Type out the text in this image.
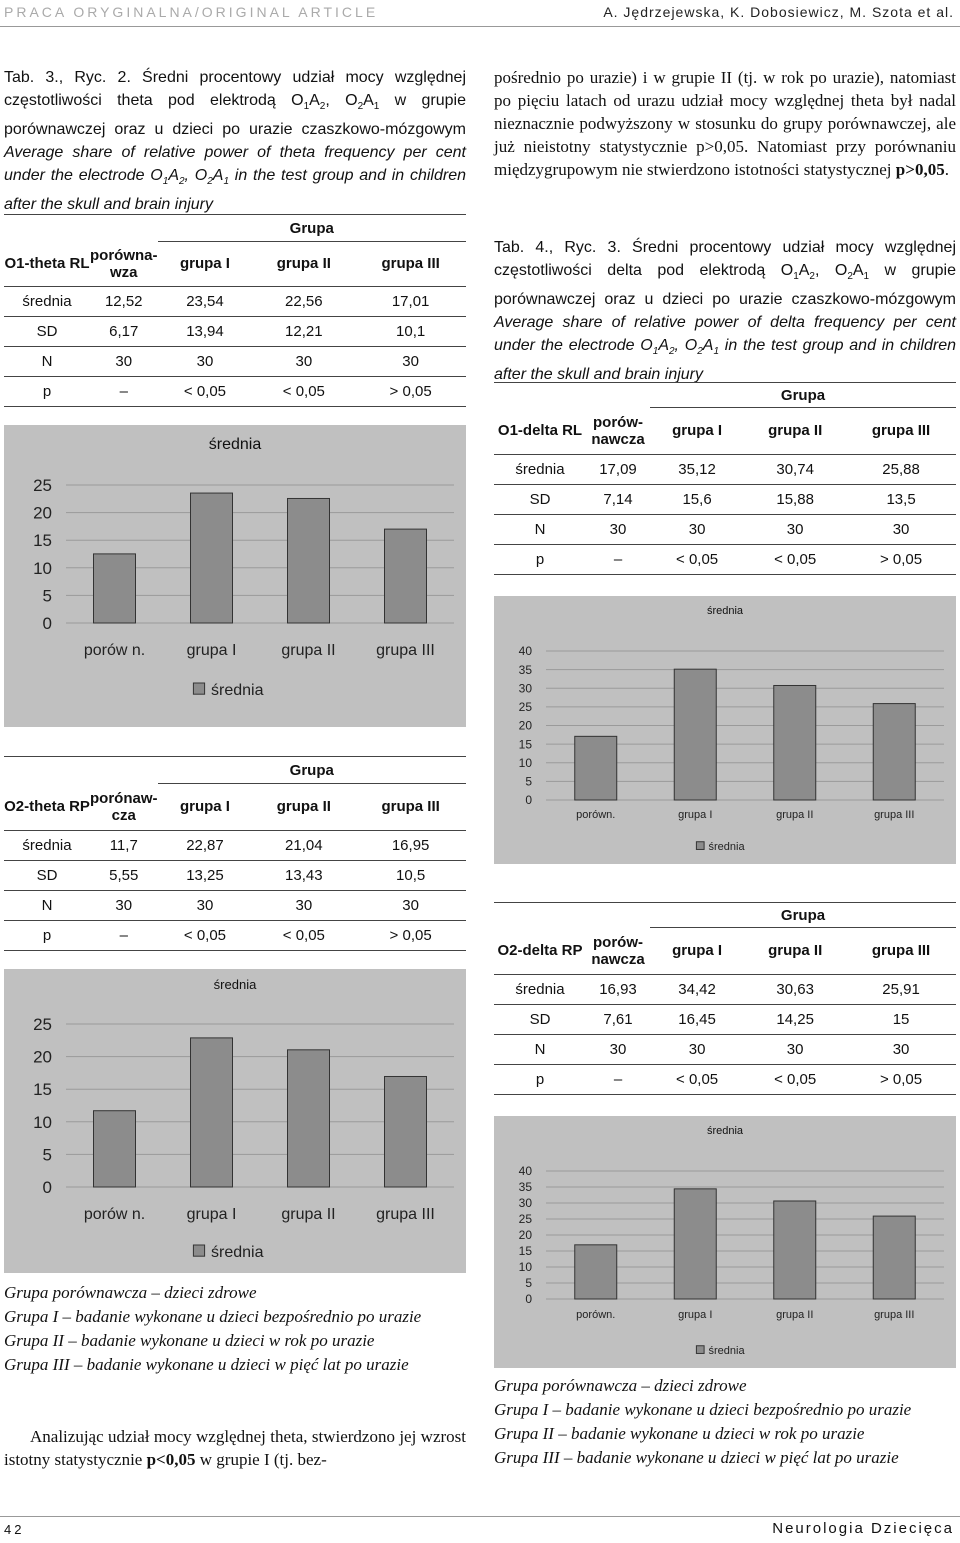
PRACA ORYGINALNA/ORIGINAL ARTICLE	A. Jędrzejewska, K. Dobosiewicz, M. Szota et al.
Tab. 3., Ryc. 2. Średni procentowy udział mocy względnej częstotliwości theta pod elektrodą $O_1A_2$, $O_2A_1$ w grupie porównawczej oraz u dzieci po urazie czaszkowo-mózgowym Average share of relative power of theta frequency per cent under the electrode $O_1A_2$, $O_2A_1$ in the test group and in children after the skull and brain injury
		Grupa		
O1-theta RL	porówna-wza	grupa I	grupa II	grupa III
średnia	12,52	23,54	22,56	17,01
SD	6,17	13,94	12,21	10,1
N	30	30	30	30
p	–	< 0,05	< 0,05	> 0,05
średnia
0
5
10
15
20
25
porów n.	grupa I	grupa II	grupa III
średnia
		Grupa		
O2-theta RP	porónaw-cza	grupa I	grupa II	grupa III
średnia	11,7	22,87	21,04	16,95
SD	5,55	13,25	13,43	10,5
N	30	30	30	30
p	–	< 0,05	< 0,05	> 0,05
średnia
0
5
10
15
20
25
porów n.	grupa I	grupa II	grupa III
średnia
Grupa porównawcza – dzieci zdrowe
Grupa I – badanie wykonane u dzieci bezpośrednio po urazie
Grupa II – badanie wykonane u dzieci w rok po urazie
Grupa III – badanie wykonane u dzieci w pięć lat po urazie
Analizując udział mocy względnej theta, stwierdzono jej wzrost istotny statystycznie p<0,05 w grupie I (tj. bez-
pośrednio po urazie) i w grupie II (tj. w rok po urazie), natomiast po pięciu latach od urazu udział mocy względnej theta był nadal nieznacznie podwyższony w stosunku do grupy porównawczej, ale już nieistotny statystycznie p>0,05. Natomiast przy porównaniu międzygrupowym nie stwierdzono istotności statystycznej p>0,05.
Tab. 4., Ryc. 3. Średni procentowy udział mocy względnej częstotliwości delta pod elektrodą $O_1A_2$, $O_2A_1$ w grupie porównawczej oraz u dzieci po urazie czaszkowo-mózgowym Average share of relative power of delta frequency per cent under the electrode $O_1A_2$, $O_2A_1$ in the test group and in children after the skull and brain injury
		Grupa		
O1-delta RL	porów-nawcza	grupa I	grupa II	grupa III
średnia	17,09	35,12	30,74	25,88
SD	7,14	15,6	15,88	13,5
N	30	30	30	30
p	–	< 0,05	< 0,05	> 0,05
średnia
0
5
10
15
20
25
30
35
40
porówn.	grupa I	grupa II	grupa III
średnia
		Grupa		
O2-delta RP	porów-nawcza	grupa I	grupa II	grupa III
średnia	16,93	34,42	30,63	25,91
SD	7,61	16,45	14,25	15
N	30	30	30	30
p	–	< 0,05	< 0,05	> 0,05
średnia
0
5
10
15
20
25
30
35
40
porówn.	grupa I	grupa II	grupa III
średnia
Grupa porównawcza – dzieci zdrowe
Grupa I – badanie wykonane u dzieci bezpośrednio po urazie
Grupa II – badanie wykonane u dzieci w rok po urazie
Grupa III – badanie wykonane u dzieci w pięć lat po urazie
42	Neurologia Dziecięca
